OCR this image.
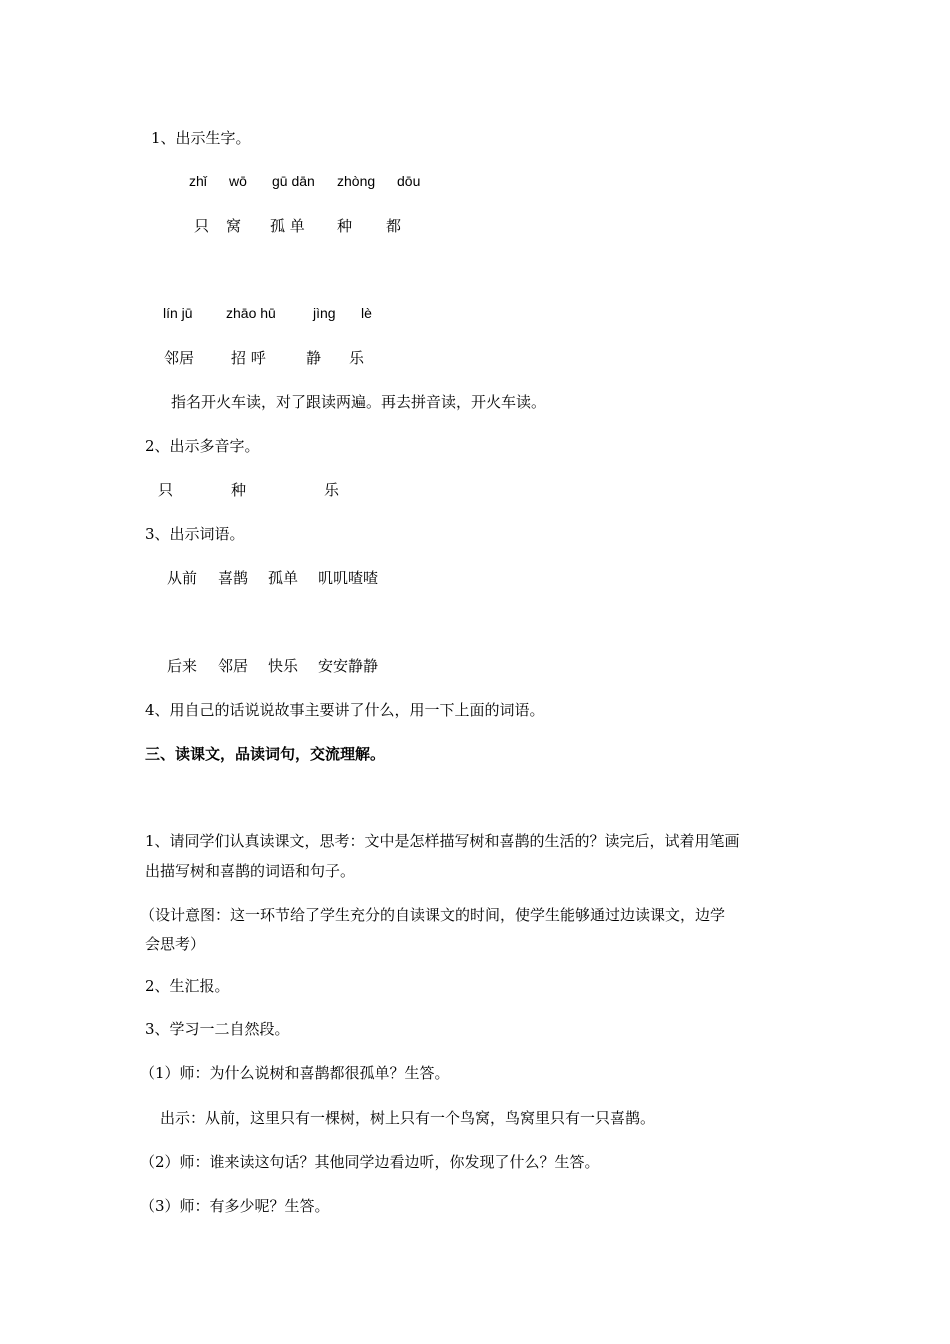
1、出示生字。
zhǐ wō gū dān zhòng dōu
只 窝 孤 单 种 都
lín jū zhāo hū	jìng lè
邻居 招 呼	静 乐
指名开火车读，对了跟读两遍。再去拼音读，开火车读。
2、出示多音字。
只	种	乐
3、出示词语。
从前 喜鹊 孤单 叽叽喳喳
后来 邻居 快乐 安安静静
4、用自己的话说说故事主要讲了什么，用一下上面的词语。
三、读课文，品读词句，交流理解。
1、请同学们认真读课文，思考：文中是怎样描写树和喜鹊的生活的？读完后，试着用笔画
出描写树和喜鹊的词语和句子。
（设计意图：这一环节给了学生充分的自读课文的时间，使学生能够通过边读课文，边学
会思考）
2、生汇报。
3、学习一二自然段。
（1）师：为什么说树和喜鹊都很孤单？生答。
出示：从前，这里只有一棵树，树上只有一个鸟窝，鸟窝里只有一只喜鹊。
（2）师：谁来读这句话？其他同学边看边听，你发现了什么？生答。
（3）师：有多少呢？生答。
